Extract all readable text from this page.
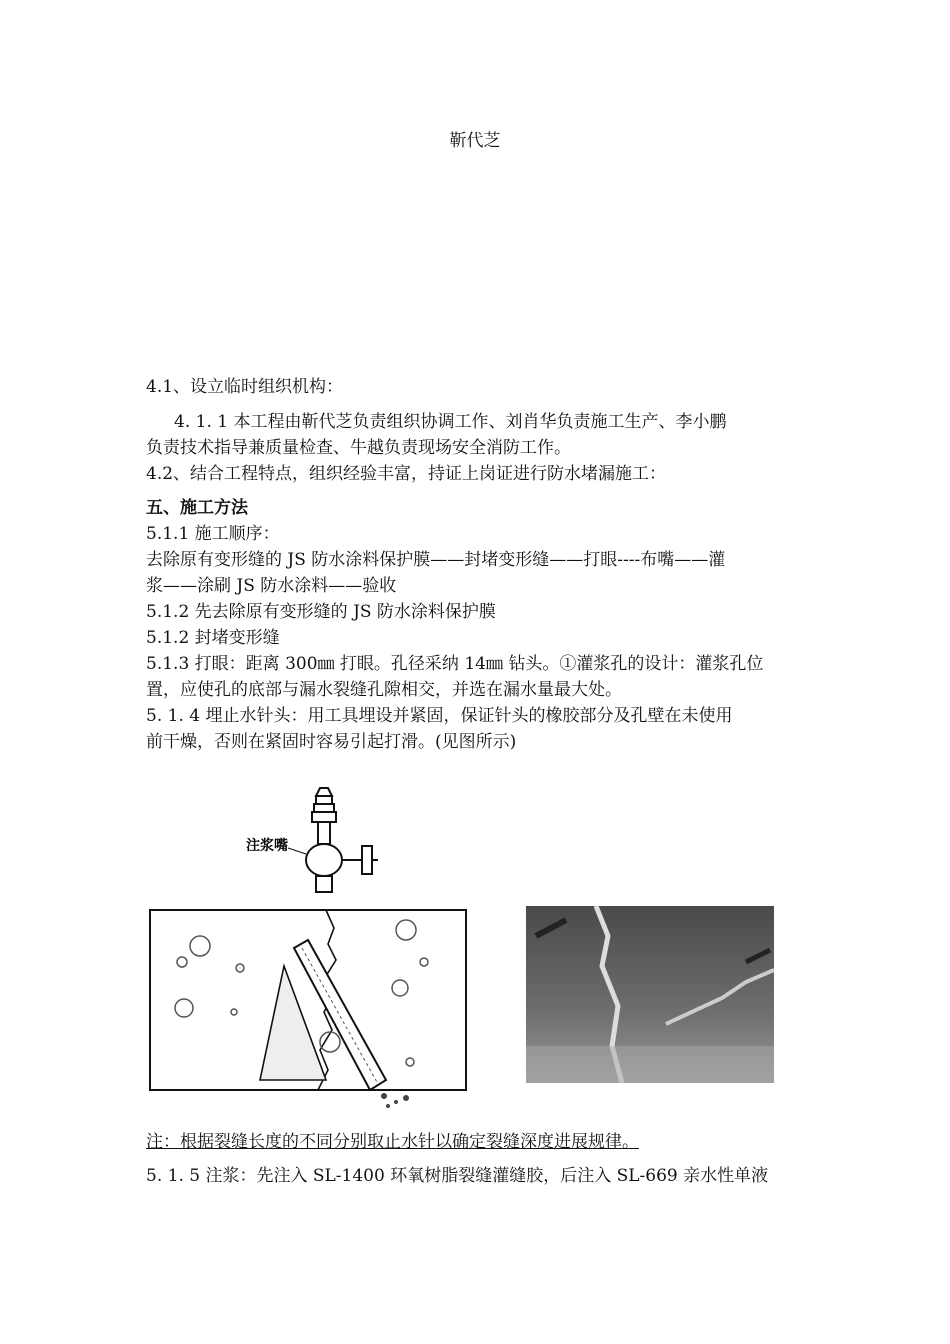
靳代芝
4.1、设立临时组织机构：
4. 1. 1 本工程由靳代芝负责组织协调工作、刘肖华负责施工生产、李小鹏
负责技术指导兼质量检查、牛越负责现场安全消防工作。
4.2、结合工程特点，组织经验丰富，持证上岗证进行防水堵漏施工：
五、施工方法
5.1.1 施工顺序：
去除原有变形缝的 JS 防水涂料保护膜——封堵变形缝——打眼----布嘴——灌
浆——涂刷 JS 防水涂料——验收
5.1.2 先去除原有变形缝的 JS 防水涂料保护膜
5.1.2 封堵变形缝
5.1.3 打眼：距离 300㎜ 打眼。孔径采纳 14㎜ 钻头。①灌浆孔的设计：灌浆孔位
置，应使孔的底部与漏水裂缝孔隙相交，并选在漏水量最大处。
5. 1. 4 埋止水针头：用工具埋设并紧固，保证针头的橡胶部分及孔壁在未使用
前干燥，否则在紧固时容易引起打滑。(见图所示)
注浆嘴
注：根据裂缝长度的不同分别取止水针以确定裂缝深度进展规律。
5. 1. 5 注浆：先注入 SL-1400 环氧树脂裂缝灌缝胶，后注入 SL-669 亲水性单液
